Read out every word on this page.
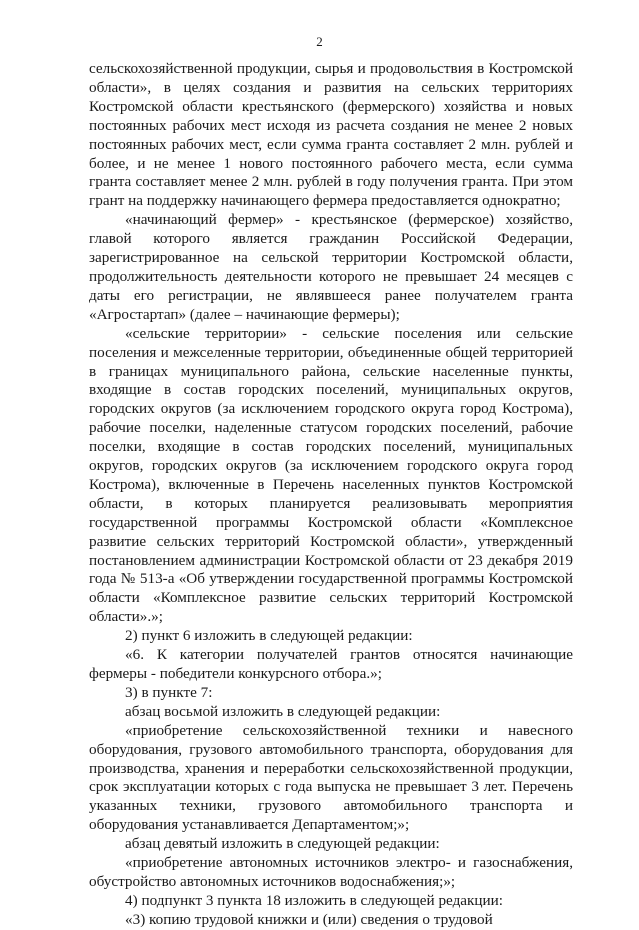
2

сельскохозяйственной продукции, сырья и продовольствия в Костромской области», в целях создания и развития на сельских территориях Костромской области крестьянского (фермерского) хозяйства и новых постоянных рабочих мест исходя из расчета создания не менее 2 новых постоянных рабочих мест, если сумма гранта составляет 2 млн. рублей и более, и не менее 1 нового постоянного рабочего места, если сумма гранта составляет менее 2 млн. рублей в году получения гранта. При этом грант на поддержку начинающего фермера предоставляется однократно;

«начинающий фермер» - крестьянское (фермерское) хозяйство, главой которого является гражданин Российской Федерации, зарегистрированное на сельской территории Костромской области, продолжительность деятельности которого не превышает 24 месяцев с даты его регистрации, не являвшееся ранее получателем гранта «Агростартап» (далее – начинающие фермеры);

«сельские территории» - сельские поселения или сельские поселения и межселенные территории, объединенные общей территорией в границах муниципального района, сельские населенные пункты, входящие в состав городских поселений, муниципальных округов, городских округов (за исключением городского округа город Кострома), рабочие поселки, наделенные статусом городских поселений, рабочие поселки, входящие в состав городских поселений, муниципальных округов, городских округов (за исключением городского округа город Кострома), включенные в Перечень населенных пунктов Костромской области, в которых планируется реализовывать мероприятия государственной программы Костромской области «Комплексное развитие сельских территорий Костромской области», утвержденный постановлением администрации Костромской области от 23 декабря 2019 года № 513-а «Об утверждении государственной программы Костромской области «Комплексное развитие сельских территорий Костромской области».»;

2) пункт 6 изложить в следующей редакции:

«6. К категории получателей грантов относятся начинающие фермеры - победители конкурсного отбора.»;

3) в пункте 7:

абзац восьмой изложить в следующей редакции:

«приобретение сельскохозяйственной техники и навесного оборудования, грузового автомобильного транспорта, оборудования для производства, хранения и переработки сельскохозяйственной продукции, срок эксплуатации которых с года выпуска не превышает 3 лет. Перечень указанных техники, грузового автомобильного транспорта и оборудования устанавливается Департаментом;»;

абзац девятый изложить в следующей редакции:

«приобретение автономных источников электро- и газоснабжения, обустройство автономных источников водоснабжения;»;

4) подпункт 3 пункта 18 изложить в следующей редакции:

«3) копию трудовой книжки и (или) сведения о трудовой
